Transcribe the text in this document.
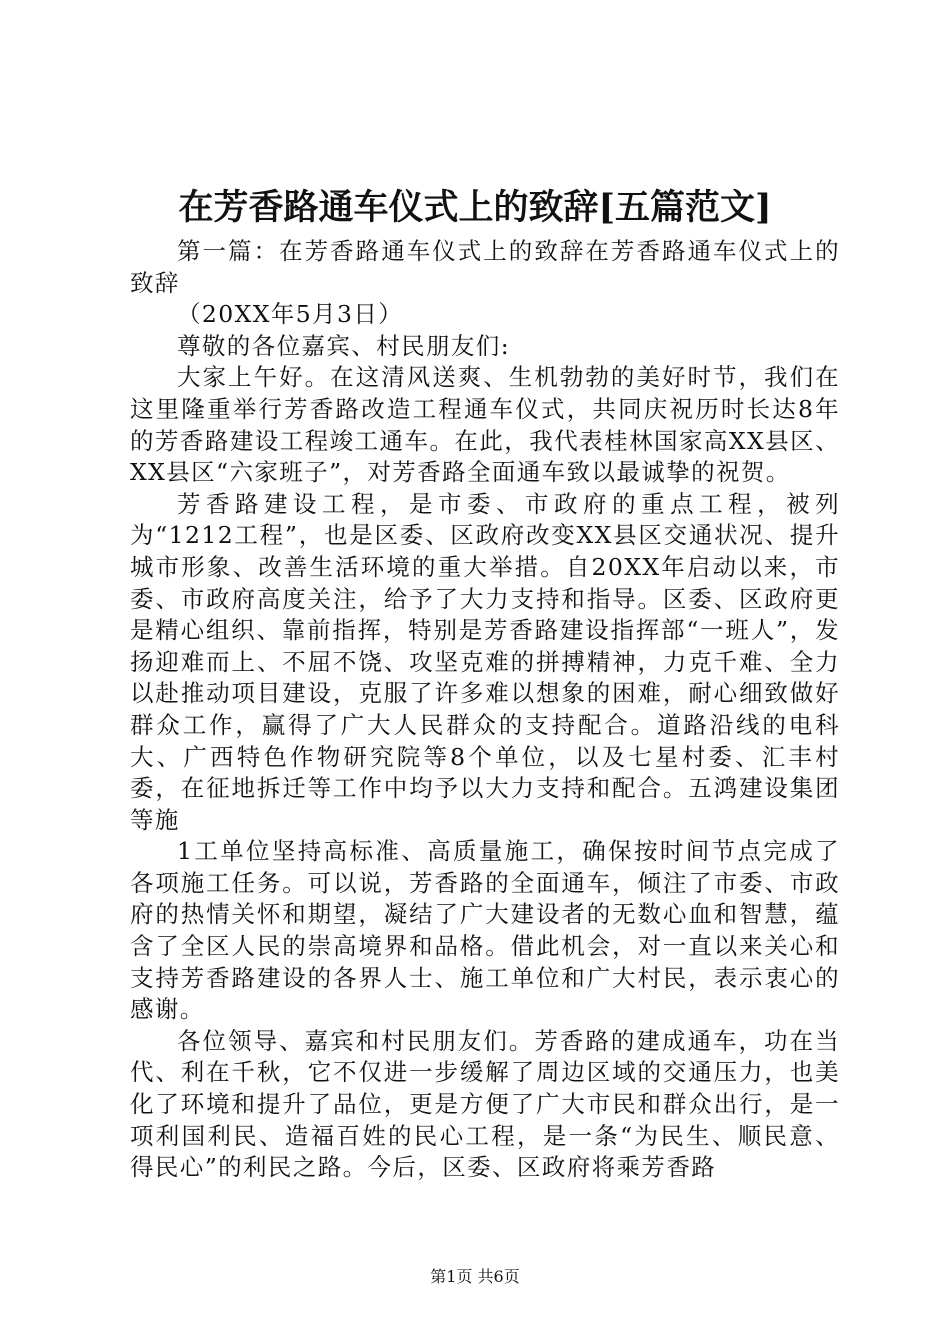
在芳香路通车仪式上的致辞[五篇范文]

第一篇：在芳香路通车仪式上的致辞在芳香路通车仪式上的致辞

（20XX年5月3日）

尊敬的各位嘉宾、村民朋友们:

大家上午好。在这清风送爽、生机勃勃的美好时节，我们在这里隆重举行芳香路改造工程通车仪式，共同庆祝历时长达8年的芳香路建设工程竣工通车。在此，我代表桂林国家高XX县区、XX县区“六家班子”，对芳香路全面通车致以最诚挚的祝贺。

芳香路建设工程，是市委、市政府的重点工程，被列为“1212工程”，也是区委、区政府改变XX县区交通状况、提升城市形象、改善生活环境的重大举措。自20XX年启动以来，市委、市政府高度关注，给予了大力支持和指导。区委、区政府更是精心组织、靠前指挥，特别是芳香路建设指挥部“一班人”，发扬迎难而上、不屈不饶、攻坚克难的拼搏精神，力克千难、全力以赴推动项目建设，克服了许多难以想象的困难，耐心细致做好群众工作，赢得了广大人民群众的支持配合。道路沿线的电科大、广西特色作物研究院等8个单位，以及七星村委、汇丰村委，在征地拆迁等工作中均予以大力支持和配合。五鸿建设集团等施

1工单位坚持高标准、高质量施工，确保按时间节点完成了各项施工任务。可以说，芳香路的全面通车，倾注了市委、市政府的热情关怀和期望，凝结了广大建设者的无数心血和智慧，蕴含了全区人民的崇高境界和品格。借此机会，对一直以来关心和支持芳香路建设的各界人士、施工单位和广大村民，表示衷心的感谢。

各位领导、嘉宾和村民朋友们。芳香路的建成通车，功在当代、利在千秋，它不仅进一步缓解了周边区域的交通压力，也美化了环境和提升了品位，更是方便了广大市民和群众出行，是一项利国利民、造福百姓的民心工程，是一条“为民生、顺民意、得民心”的利民之路。今后，区委、区政府将乘芳香路

第1页 共6页
